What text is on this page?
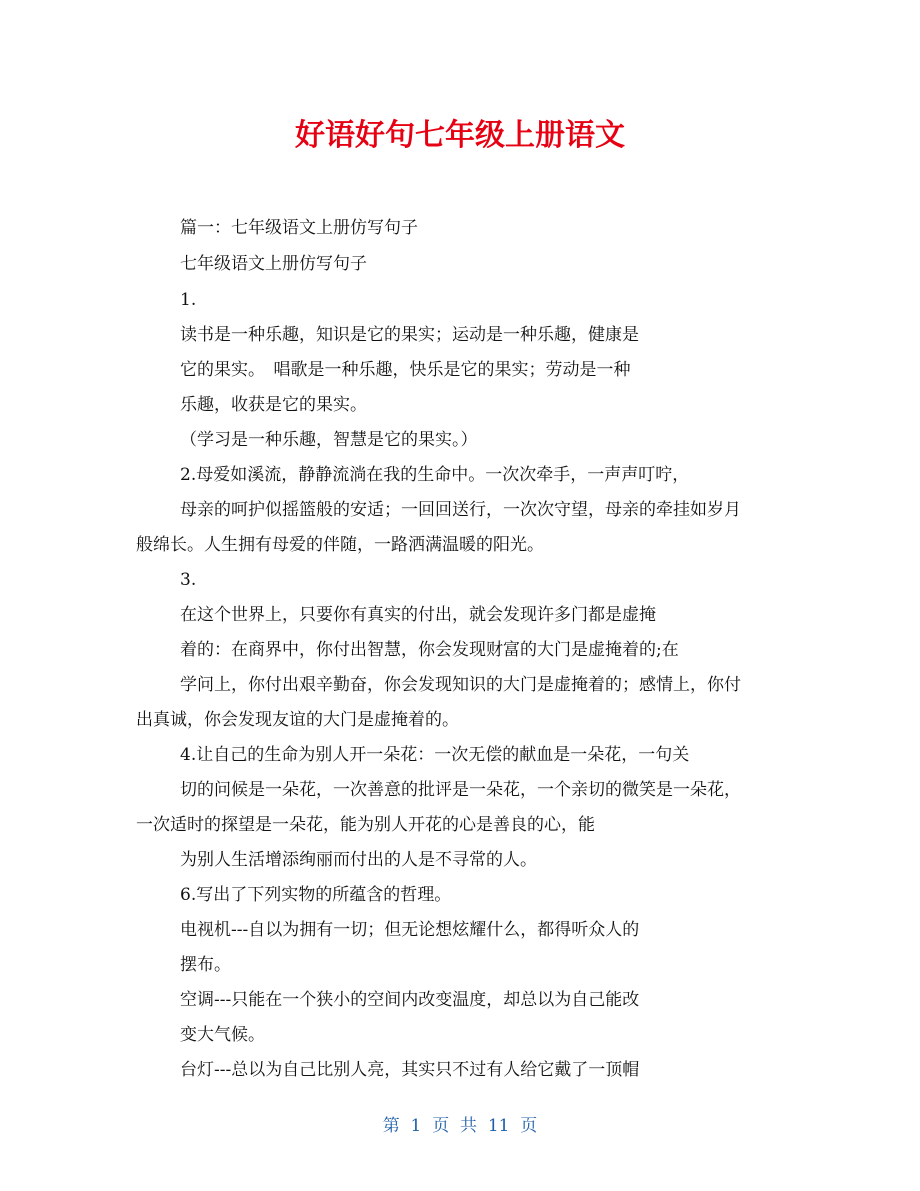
好语好句七年级上册语文
篇一：七年级语文上册仿写句子
七年级语文上册仿写句子
1.
读书是一种乐趣，知识是它的果实；运动是一种乐趣，健康是
它的果实。　唱歌是一种乐趣，快乐是它的果实；劳动是一种
乐趣，收获是它的果实。
（学习是一种乐趣，智慧是它的果实。）
2.母爱如溪流，静静流淌在我的生命中。一次次牵手，一声声叮咛，
母亲的呵护似摇篮般的安适；一回回送行，一次次守望，母亲的牵挂如岁月
般绵长。人生拥有母爱的伴随，一路洒满温暖的阳光。
3.
在这个世界上，只要你有真实的付出，就会发现许多门都是虚掩
着的：在商界中，你付出智慧，你会发现财富的大门是虚掩着的;在
学问上，你付出艰辛勤奋，你会发现知识的大门是虚掩着的；感情上，你付
出真诚，你会发现友谊的大门是虚掩着的。
4.让自己的生命为别人开一朵花：一次无偿的献血是一朵花，一句关
切的问候是一朵花，一次善意的批评是一朵花，一个亲切的微笑是一朵花，
一次适时的探望是一朵花，能为别人开花的心是善良的心，能
为别人生活增添绚丽而付出的人是不寻常的人。
6.写出了下列实物的所蕴含的哲理。
电视机---自以为拥有一切；但无论想炫耀什么，都得听众人的
摆布。
空调---只能在一个狭小的空间内改变温度，却总以为自己能改
变大气候。
台灯---总以为自己比别人亮，其实只不过有人给它戴了一顶帽
第 1 页 共 11 页
